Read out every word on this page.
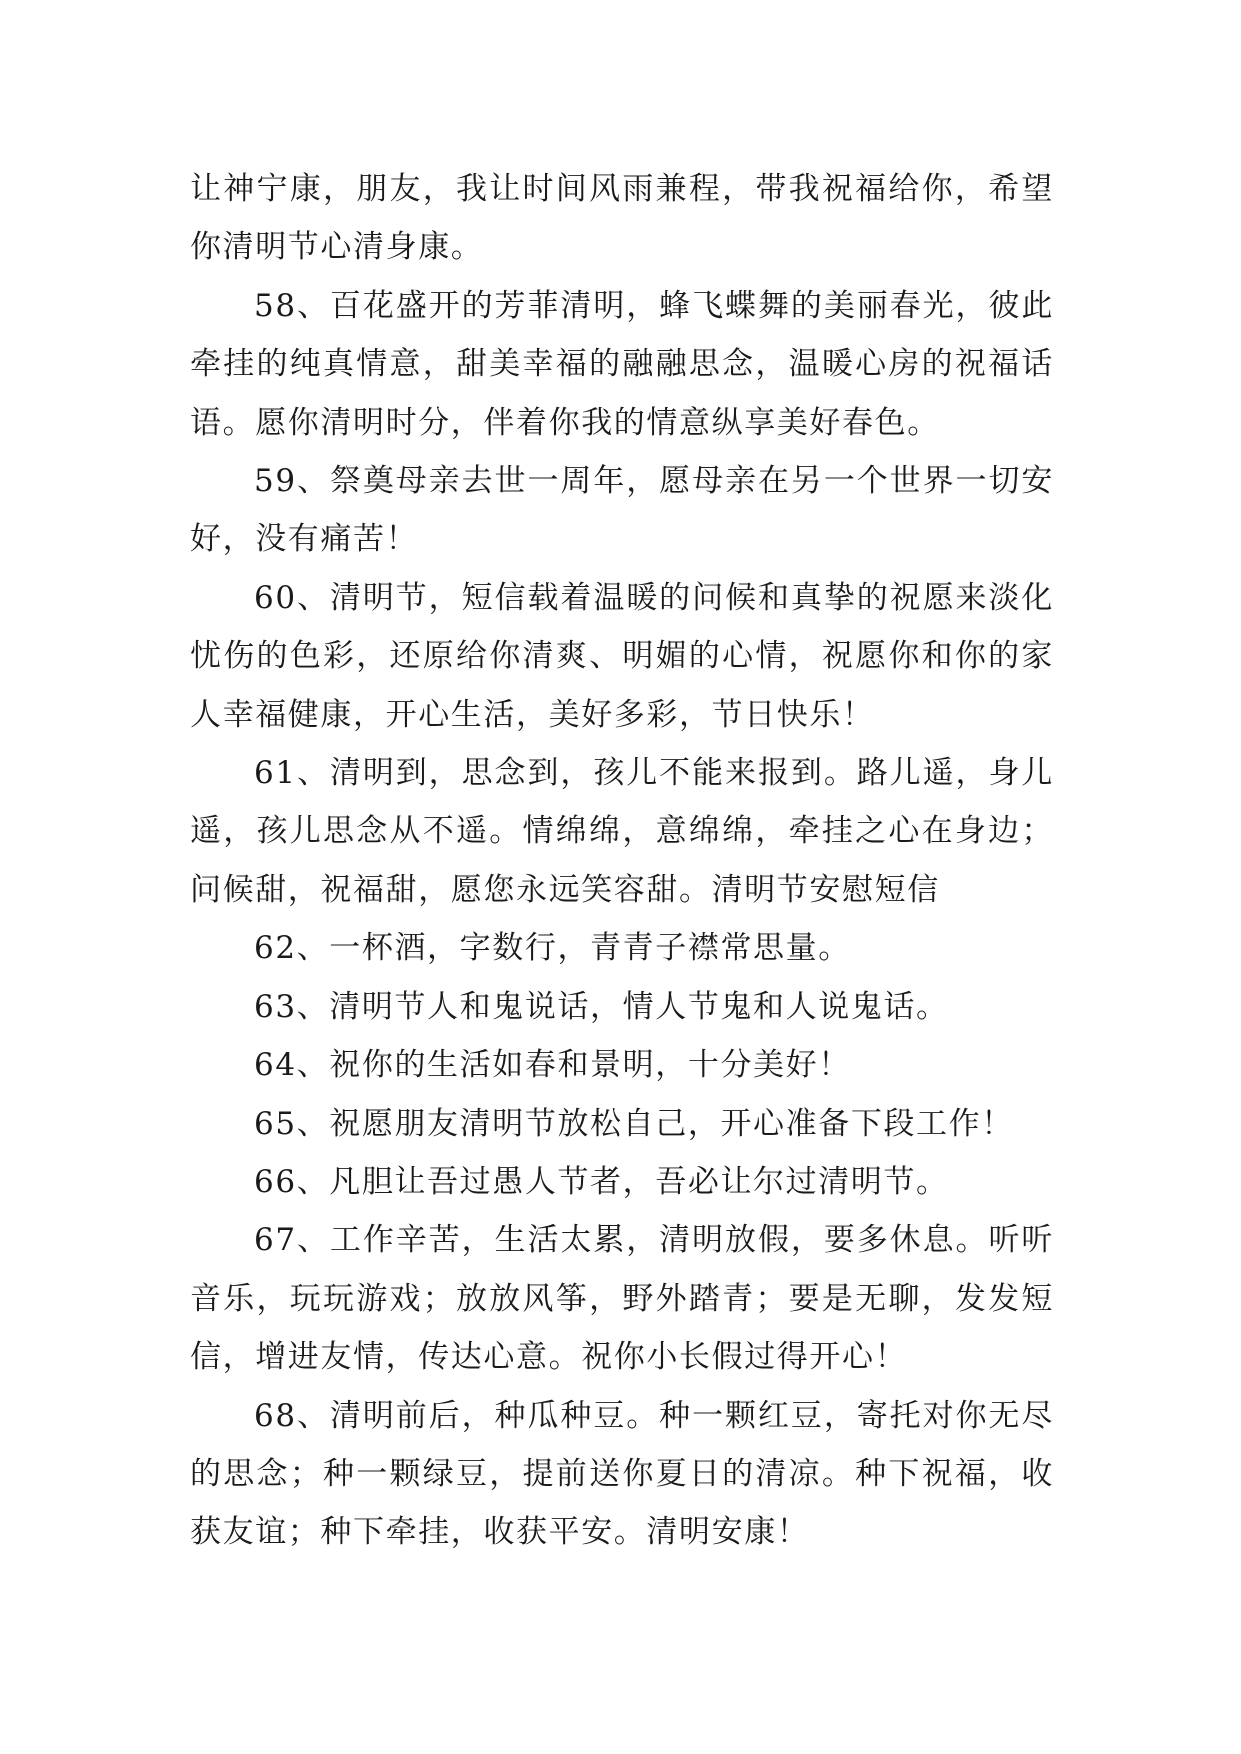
让神宁康，朋友，我让时间风雨兼程，带我祝福给你，希望你清明节心清身康。

58、百花盛开的芳菲清明，蜂飞蝶舞的美丽春光，彼此牵挂的纯真情意，甜美幸福的融融思念，温暖心房的祝福话语。愿你清明时分，伴着你我的情意纵享美好春色。

59、祭奠母亲去世一周年，愿母亲在另一个世界一切安好，没有痛苦！

60、清明节，短信载着温暖的问候和真挚的祝愿来淡化忧伤的色彩，还原给你清爽、明媚的心情，祝愿你和你的家人幸福健康，开心生活，美好多彩，节日快乐！

61、清明到，思念到，孩儿不能来报到。路儿遥，身儿遥，孩儿思念从不遥。情绵绵，意绵绵，牵挂之心在身边；问候甜，祝福甜，愿您永远笑容甜。清明节安慰短信

62、一杯酒，字数行，青青子襟常思量。

63、清明节人和鬼说话，情人节鬼和人说鬼话。

64、祝你的生活如春和景明，十分美好！

65、祝愿朋友清明节放松自己，开心准备下段工作！

66、凡胆让吾过愚人节者，吾必让尔过清明节。

67、工作辛苦，生活太累，清明放假，要多休息。听听音乐，玩玩游戏；放放风筝，野外踏青；要是无聊，发发短信，增进友情，传达心意。祝你小长假过得开心！

68、清明前后，种瓜种豆。种一颗红豆，寄托对你无尽的思念；种一颗绿豆，提前送你夏日的清凉。种下祝福，收获友谊；种下牵挂，收获平安。清明安康！
